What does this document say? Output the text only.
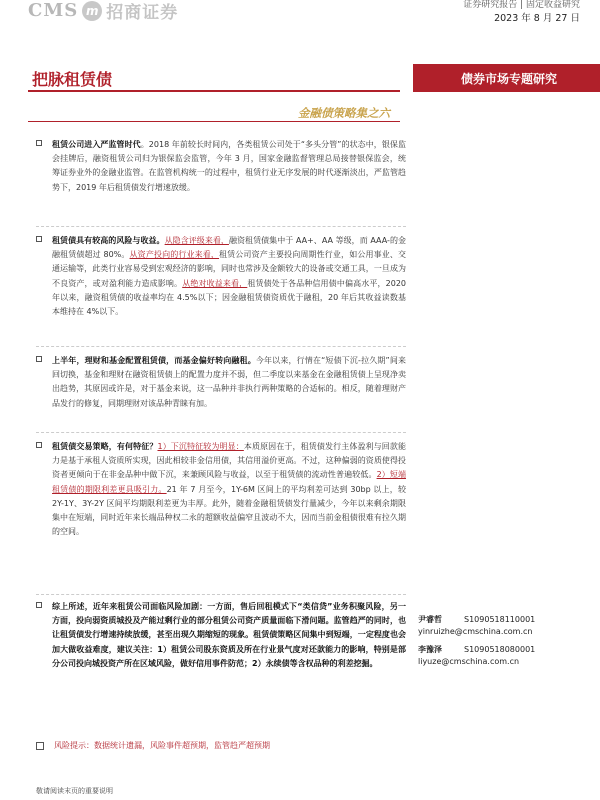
CMS m 招商证券	证券研究报告 | 固定收益研究
2023 年 8 月 27 日
把脉租赁债	债券市场专题研究
金融债策略集之六

租赁公司进入严监管时代。2018 年前较长时间内，各类租赁公司处于“多头分管”的状态中，银保监会挂牌后，融资租赁公司归为银保监会监管，今年 3 月，国家金融监督管理总局接替银保监会，统筹证券业外的金融业监管。在监管机构统一的过程中，租赁行业无序发展的时代逐渐淡出，严监管趋势下，2019 年后租赁债发行增速放缓。

租赁债具有较高的风险与收益。从隐含评级来看，融资租赁债集中于 AA+、AA 等级，而 AAA-的金融租赁债超过 80%。从资产投向的行业来看，租赁公司资产主要投向周期性行业，如公用事业、交通运输等，此类行业容易受到宏观经济的影响，同时也常涉及金额较大的设备或交通工具，一旦成为不良资产，或对盈利能力造成影响。从绝对收益来看，租赁债处于各品种信用债中偏高水平，2020 年以来，融资租赁债的收益率均在 4.5%以下；因金融租赁债资质优于融租，20 年后其收益读数基本维持在 4%以下。

上半年，理财和基金配置租赁债，而基金偏好转向融租。今年以来，行情在“短债下沉-拉久期”间来回切换，基金和理财在融资租赁债上的配置力度并不弱，但二季度以来基金在金融租赁债上呈现净卖出趋势，其原因或许是，对于基金来说，这一品种并非执行两种策略的合适标的。相反，随着理财产品发行的修复，同期理财对该品种青睐有加。

租赁债交易策略，有何特征？1）下沉特征较为明显：本质原因在于，租赁债发行主体盈利与回款能力是基于承租人资质所实现，因此相较非金信用债，其信用溢价更高。不过，这种偏弱的资质使得投资者更倾向于在非金品种中做下沉，来兼顾风险与收益，以至于租赁债的流动性普遍较低。2）短端租赁债的期限利差更具吸引力。21 年 7 月至今，1Y-6M 区间上的平均利差可达到 30bp 以上，较 2Y-1Y、3Y-2Y 区间平均期限利差更为丰厚。此外，随着金融租赁债发行量减少，今年以来剩余期限集中在短端，同时近年来长端品种权二永的超额收益偏窄且波动不大，因而当前金租债很难有拉久期的空间。

综上所述，近年来租赁公司面临风险加剧：一方面，售后回租模式下“类信贷”业务积聚风险，另一方面，投向弱资质城投及产能过剩行业的部分租赁公司资产质量面临下滑问题。监管趋严的同时，也让租赁债发行增速持续放缓，甚至出现久期缩短的现象。租赁债策略区间集中到短端，一定程度也会加大做收益难度，建议关注：1）租赁公司股东资质及所在行业景气度对还款能力的影响，特别是部分公司投向城投资产所在区域风险，做好信用事件防范；2）永续债等含权品种的利差挖掘。

风险提示：数据统计遗漏，风险事件超预期，监管趋严超预期
尹睿哲	S1090518110001
yinruizhe@cmschina.com.cn
李豫泽	S1090518080001
liyuze@cmschina.com.cn
敬请阅读末页的重要说明
